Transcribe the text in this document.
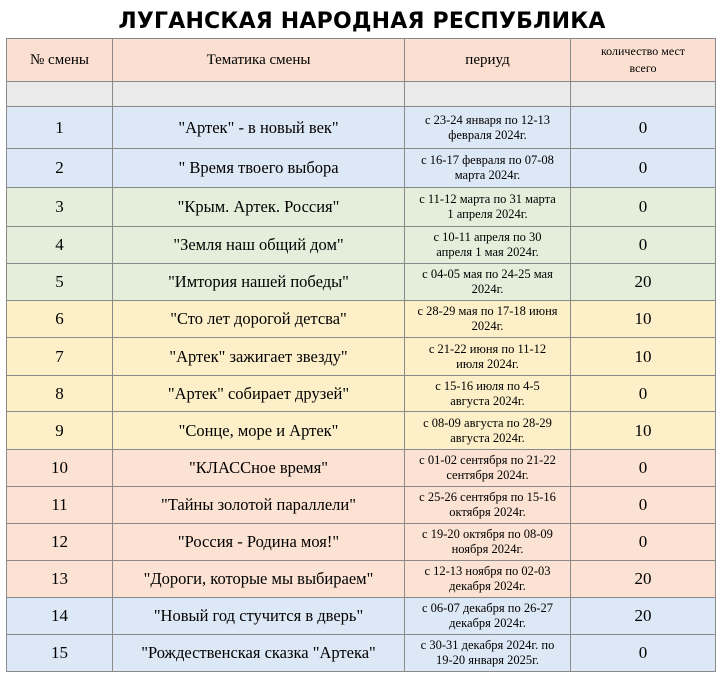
ЛУГАНСКАЯ НАРОДНАЯ РЕСПУБЛИКА
№ смены	Тематика смены	периуд	количество мест
всего

1	"Артек" - в новый век"	с 23-24 января по 12-13
февраля 2024г.	0
2	" Время твоего выбора	с 16-17 февраля по 07-08
марта 2024г.	0
3	"Крым. Артек. Россия"	с 11-12 марта по 31 марта
1 апреля 2024г.	0
4	"Земля наш общий дом"	с 10-11 апреля по 30
апреля 1 мая 2024г.	0
5	"Имтория нашей победы"	с 04-05 мая по 24-25 мая
2024г.	20
6	"Сто лет дорогой детсва"	с 28-29 мая по 17-18 июня
2024г.	10
7	"Артек" зажигает звезду"	с 21-22 июня по 11-12
июля 2024г.	10
8	"Артек" собирает друзей"	с 15-16 июля по 4-5
августа 2024г.	0
9	"Сонце, море и Артек"	с 08-09 августа по 28-29
августа 2024г.	10
10	"КЛАССное время"	с 01-02 сентября по 21-22
сентября 2024г.	0
11	"Тайны золотой параллели"	с 25-26 сентября по 15-16
октября 2024г.	0
12	"Россия - Родина моя!"	с 19-20 октября по 08-09
ноября 2024г.	0
13	"Дороги, которые мы выбираем"	с 12-13 ноября по 02-03
декабря 2024г.	20
14	"Новый год стучится в дверь"	с 06-07 декабря по 26-27
декабря 2024г.	20
15	"Рождественская сказка "Артека"	с 30-31 декабря 2024г. по
19-20 января 2025г.	0
